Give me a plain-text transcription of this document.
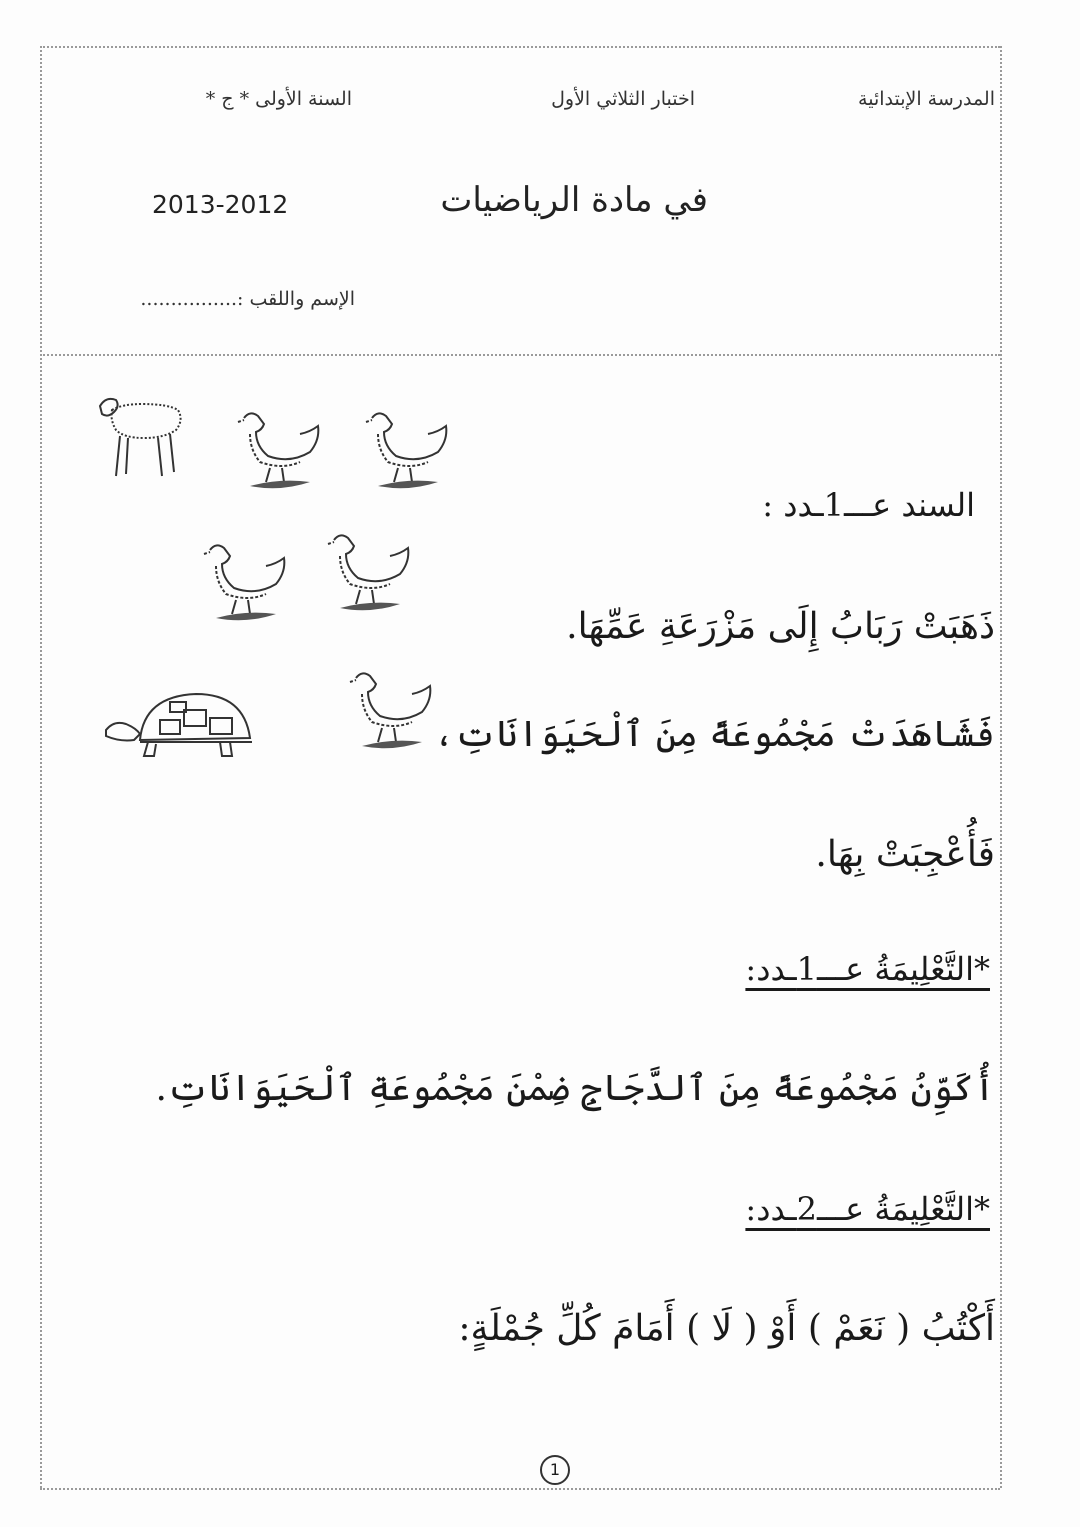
المدرسة الإبتدائية
اختبار الثلاثي الأول
السنة الأولى * ج *
في مادة الرياضيات
2013-2012
الإسم واللقب :................
السند عـــ1ـدد :
ذَهَبَتْ رَبَابُ إِلَى مَزْرَعَةِ عَمِّهَا.
فَشَاهَدَتْ مَجْمُوعَةً مِنَ ٱلْحَيَوَانَاتِ،
فَأُعْجِبَتْ بِهَا.
*التَّعْلِيمَةُ عـــ1ـدد:
أُكَوِّنُ مَجْمُوعَةً مِنَ ٱلدَّجَاجِ ضِمْنَ مَجْمُوعَةِ ٱلْحَيَوَانَاتِ.
*التَّعْلِيمَةُ عـــ2ـدد:
أَكْتُبُ ( نَعَمْ ) أَوْ ( لَا ) أَمَامَ كُلِّ جُمْلَةٍ:
1
